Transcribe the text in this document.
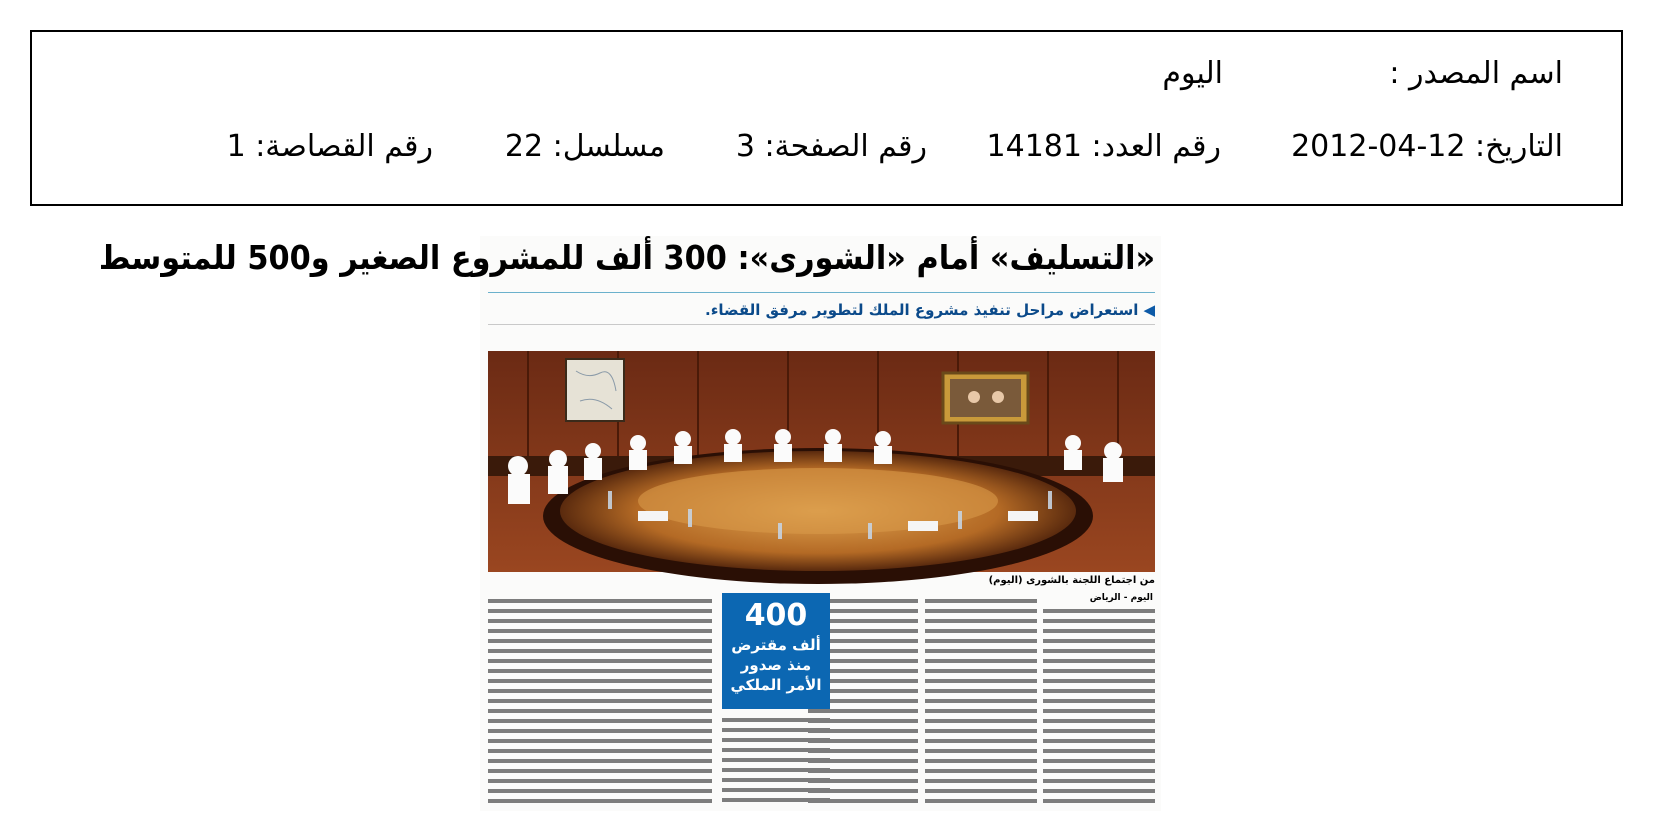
اسم المصدر :
اليوم
التاريخ: 12-04-2012
رقم العدد: 14181
رقم الصفحة: 3
مسلسل: 22
رقم القصاصة: 1
«التسليف» أمام «الشورى»: 300 ألف للمشروع الصغير و500 للمتوسط
◀استعراض مراحل تنفيذ مشروع الملك لتطوير مرفق القضاء.
من اجتماع اللجنة بالشورى (اليوم)
اليوم - الرياض
400
ألف مقترض منذ صدور الأمر الملكي
